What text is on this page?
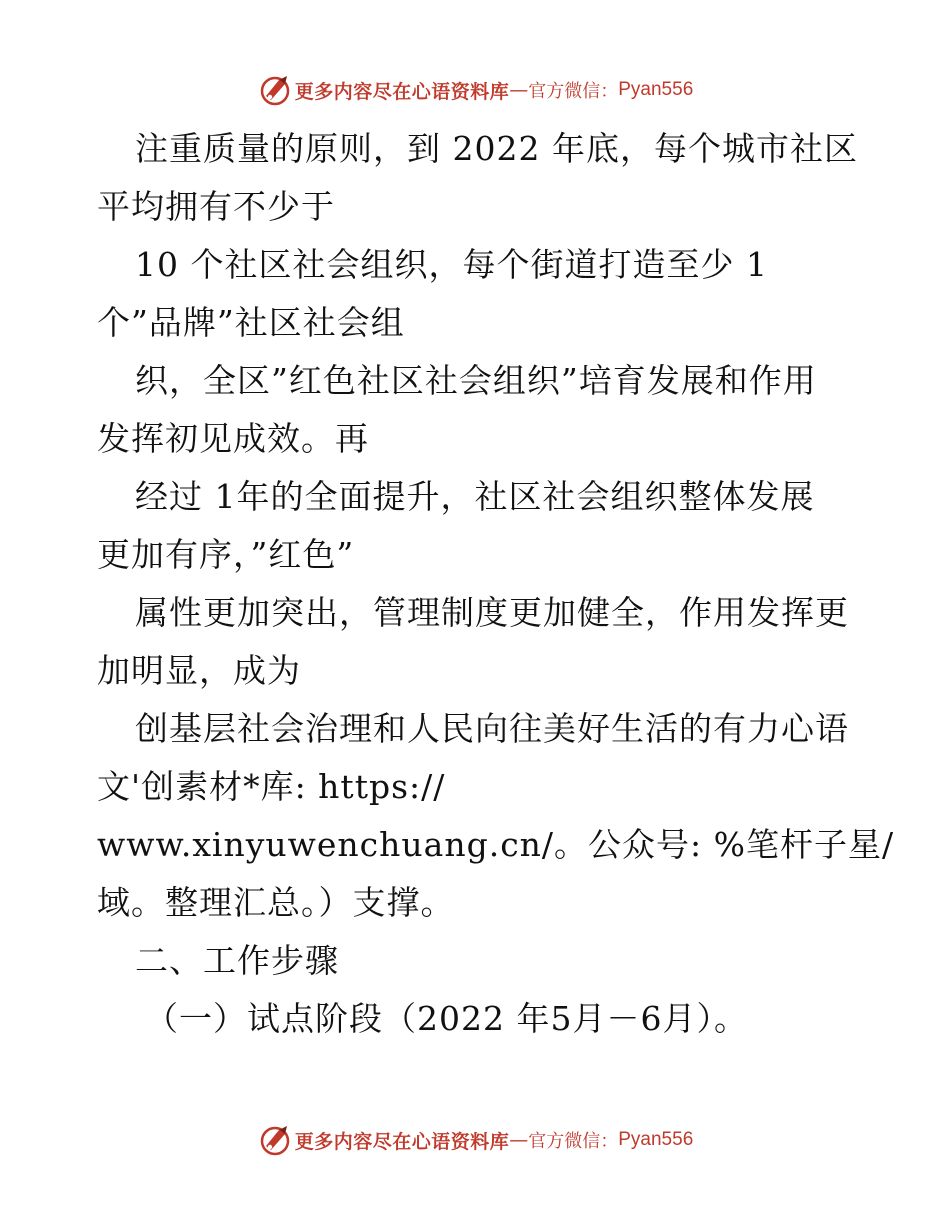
更多内容尽在心语资料库 — 官方微信： Pyan556
注重质量的原则，到 2022 年底，每个城市社区
平均拥有不少于
10 个社区社会组织，每个街道打造至少 1
个”品牌”社区社会组
织，全区”红色社区社会组织”培育发展和作用
发挥初见成效。再
经过 1年的全面提升，社区社会组织整体发展
更加有序，”红色”
属性更加突出，管理制度更加健全，作用发挥更
加明显，成为
创基层社会治理和人民向往美好生活的有力心语
文'创素材*库: https://
www.xinyuwenchuang.cn/。公众号: %笔杆子星/
域。整理汇总。）支撑。
二、工作步骤
（一）试点阶段（2022 年5月－6月）。
更多内容尽在心语资料库 — 官方微信： Pyan556
